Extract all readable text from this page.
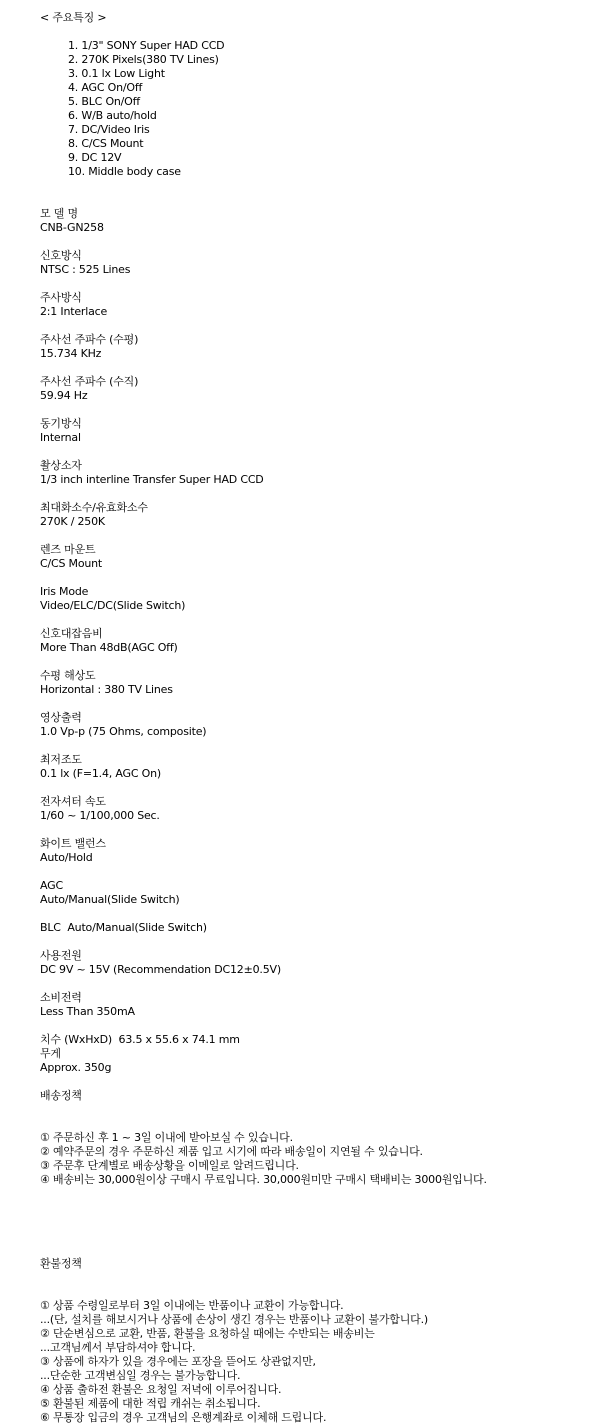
< 주요특징 >
1. 1/3" SONY Super HAD CCD
2. 270K Pixels(380 TV Lines)
3. 0.1 lx Low Light
4. AGC On/Off
5. BLC On/Off
6. W/B auto/hold
7. DC/Video Iris
8. C/CS Mount
9. DC 12V
10. Middle body case
모 델 명
CNB-GN258
신호방식
NTSC : 525 Lines
주사방식
2:1 Interlace
주사선 주파수 (수평)
15.734 KHz
주사선 주파수 (수직)
59.94 Hz
동기방식
Internal
촬상소자
1/3 inch interline Transfer Super HAD CCD
최대화소수/유효화소수
270K / 250K
렌즈 마운트
C/CS Mount
Iris Mode
Video/ELC/DC(Slide Switch)
신호대잡음비
More Than 48dB(AGC Off)
수평 해상도
Horizontal : 380 TV Lines
영상출력
1.0 Vp-p (75 Ohms, composite)
최저조도
0.1 lx (F=1.4, AGC On)
전자셔터 속도
1/60 ~ 1/100,000 Sec.
화이트 밸런스
Auto/Hold
AGC
Auto/Manual(Slide Switch)
BLC  Auto/Manual(Slide Switch)
사용전원
DC 9V ~ 15V (Recommendation DC12±0.5V)
소비전력
Less Than 350mA
치수 (WxHxD)  63.5 x 55.6 x 74.1 mm
무게
Approx. 350g
배송정책
① 주문하신 후 1 ~ 3일 이내에 받아보실 수 있습니다.
② 예약주문의 경우 주문하신 제품 입고 시기에 따라 배송일이 지연될 수 있습니다.
③ 주문후 단계별로 배송상황을 이메일로 알려드립니다.
④ 배송비는 30,000원이상 구매시 무료입니다. 30,000원미만 구매시 택배비는 3000원입니다.
환불정책
① 상품 수령일로부터 3일 이내에는 반품이나 교환이 가능합니다.
...(단, 설치를 해보시거나 상품에 손상이 생긴 경우는 반품이나 교환이 불가합니다.)
② 단순변심으로 교환, 반품, 환불을 요청하실 때에는 수반되는 배송비는
...고객님께서 부담하셔야 합니다.
③ 상품에 하자가 있을 경우에는 포장을 뜯어도 상관없지만,
...단순한 고객변심일 경우는 불가능합니다.
④ 상품 출하전 환불은 요청일 저녁에 이루어집니다.
⑤ 환불된 제품에 대한 적립 캐쉬는 취소됩니다.
⑥ 무통장 입금의 경우 고객님의 은행계좌로 이체해 드립니다.
